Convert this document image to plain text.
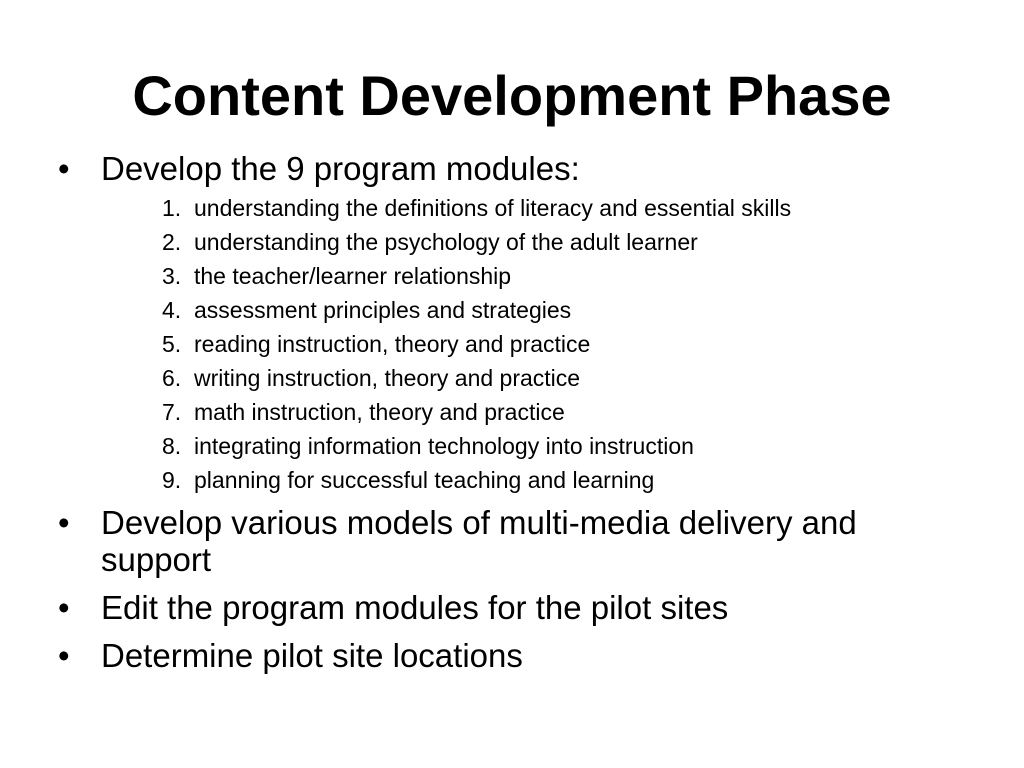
Content Development Phase
• Develop the 9 program modules:
1. understanding the definitions of literacy and essential skills
2. understanding the psychology of the adult learner
3. the teacher/learner relationship
4. assessment principles and strategies
5. reading instruction, theory and practice
6. writing instruction, theory and practice
7. math instruction, theory and practice
8. integrating information technology into instruction
9. planning for successful teaching and learning
• Develop various models of multi-media delivery and support
• Edit the program modules for the pilot sites
• Determine pilot site locations
